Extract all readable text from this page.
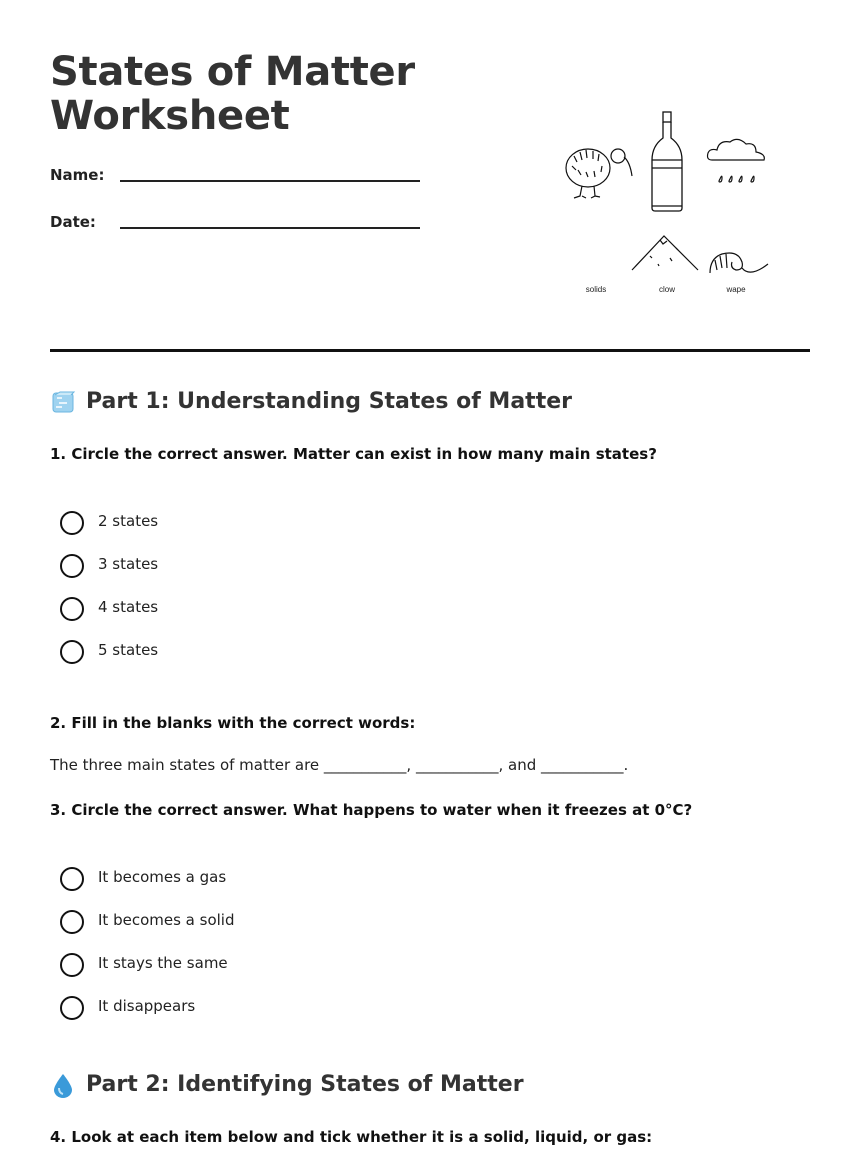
States of Matter Worksheet
Name:
Date:
solids	clow	wape
Part 1: Understanding States of Matter
1. Circle the correct answer. Matter can exist in how many main states?
2 states
3 states
4 states
5 states
2. Fill in the blanks with the correct words:
The three main states of matter are ___________, ___________, and ___________.
3. Circle the correct answer. What happens to water when it freezes at 0°C?
It becomes a gas
It becomes a solid
It stays the same
It disappears
Part 2: Identifying States of Matter
4. Look at each item below and tick whether it is a solid, liquid, or gas:
